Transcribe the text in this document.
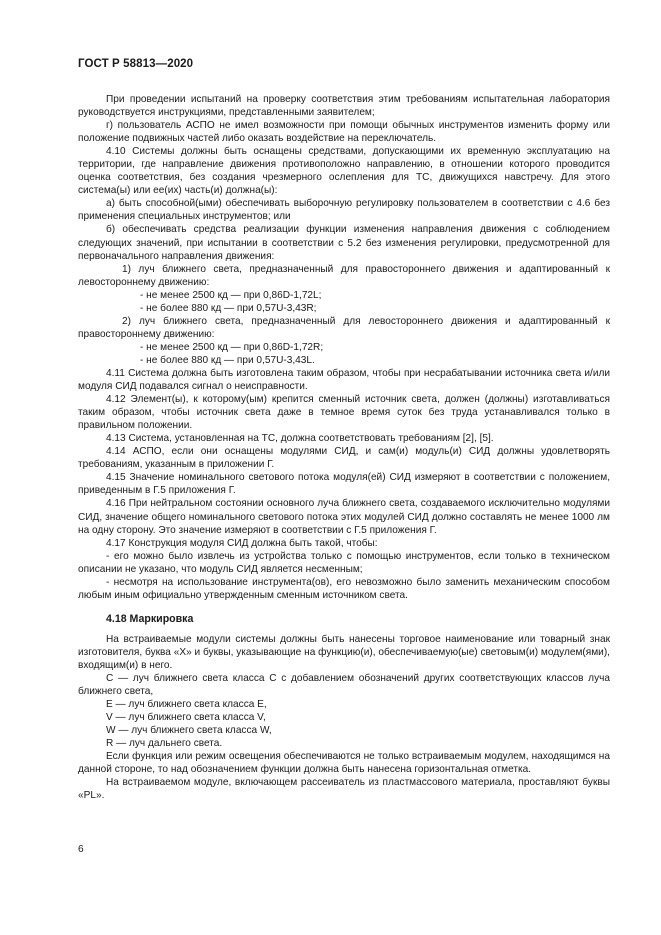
ГОСТ Р 58813—2020

При проведении испытаний на проверку соответствия этим требованиям испытательная лаборатория руководствуется инструкциями, представленными заявителем;

г) пользователь АСПО не имел возможности при помощи обычных инструментов изменить форму или положение подвижных частей либо оказать воздействие на переключатель.

4.10 Системы должны быть оснащены средствами, допускающими их временную эксплуатацию на территории, где направление движения противоположно направлению, в отношении которого проводится оценка соответствия, без создания чрезмерного ослепления для ТС, движущихся навстречу. Для этого система(ы) или ее(их) часть(и) должна(ы):

а) быть способной(ыми) обеспечивать выборочную регулировку пользователем в соответствии с 4.6 без применения специальных инструментов; или

б) обеспечивать средства реализации функции изменения направления движения с соблюдением следующих значений, при испытании в соответствии с 5.2 без изменения регулировки, предусмотренной для первоначального направления движения:

1) луч ближнего света, предназначенный для правостороннего движения и адаптированный к левостороннему движению:

- не менее 2500 кд — при 0,86D-1,72L;

- не более 880 кд — при 0,57U-3,43R;

2) луч ближнего света, предназначенный для левостороннего движения и адаптированный к правостороннему движению:

- не менее 2500 кд — при 0,86D-1,72R;

- не более 880 кд — при 0,57U-3,43L.

4.11 Система должна быть изготовлена таким образом, чтобы при несрабатывании источника света и/или модуля СИД подавался сигнал о неисправности.

4.12 Элемент(ы), к которому(ым) крепится сменный источник света, должен (должны) изготавливаться таким образом, чтобы источник света даже в темное время суток без труда устанавливался только в правильном положении.

4.13 Система, установленная на ТС, должна соответствовать требованиям [2], [5].

4.14 АСПО, если они оснащены модулями СИД, и сам(и) модуль(и) СИД должны удовлетворять требованиям, указанным в приложении Г.

4.15 Значение номинального светового потока модуля(ей) СИД измеряют в соответствии с положением, приведенным в Г.5 приложения Г.

4.16 При нейтральном состоянии основного луча ближнего света, создаваемого исключительно модулями СИД, значение общего номинального светового потока этих модулей СИД должно составлять не менее 1000 лм на одну сторону. Это значение измеряют в соответствии с Г.5 приложения Г.

4.17 Конструкция модуля СИД должна быть такой, чтобы:

- его можно было извлечь из устройства только с помощью инструментов, если только в техническом описании не указано, что модуль СИД является несменным;

- несмотря на использование инструмента(ов), его невозможно было заменить механическим способом любым иным официально утвержденным сменным источником света.

4.18 Маркировка

На встраиваемые модули системы должны быть нанесены торговое наименование или товарный знак изготовителя, буква «X» и буквы, указывающие на функцию(и), обеспечиваемую(ые) световым(и) модулем(ями), входящим(и) в него.

С — луч ближнего света класса С с добавлением обозначений других соответствующих классов луча ближнего света,

Е — луч ближнего света класса Е,

V — луч ближнего света класса V,

W — луч ближнего света класса W,

R — луч дальнего света.

Если функция или режим освещения обеспечиваются не только встраиваемым модулем, находящимся на данной стороне, то над обозначением функции должна быть нанесена горизонтальная отметка.

На встраиваемом модуле, включающем рассеиватель из пластмассового материала, проставляют буквы «PL».

6
